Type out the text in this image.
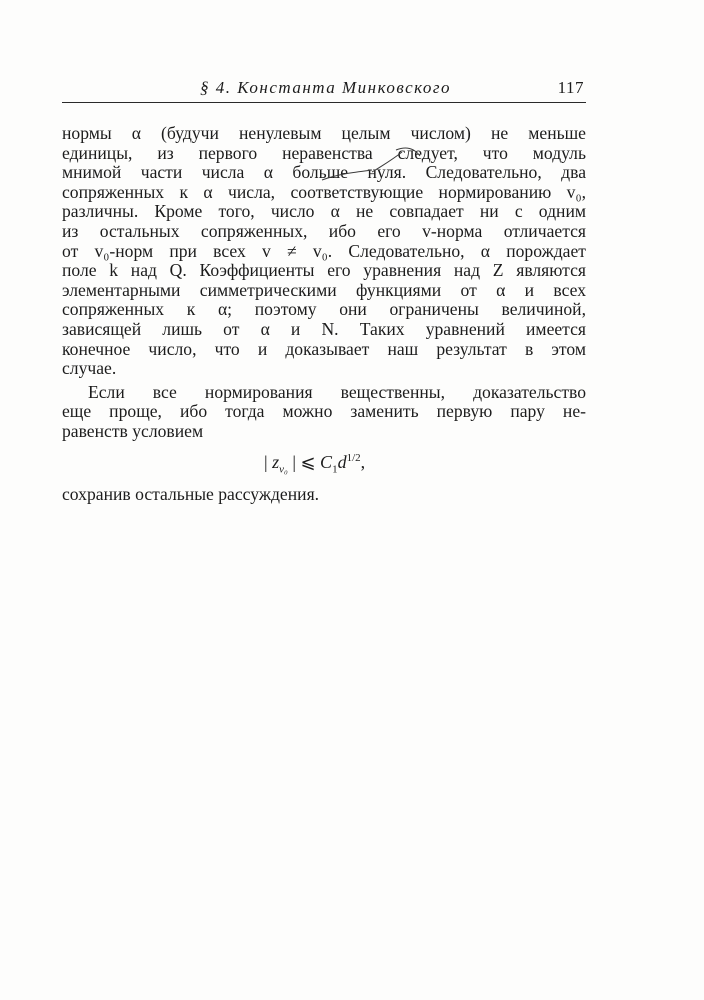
§ 4. Константа Минковского	117

нормы α (будучи ненулевым целым числом) не меньше
единицы, из первого неравенства следует, что модуль
мнимой части числа α больше нуля. Следовательно, два
сопряженных к α числа, соответствующие нормированию v₀,
различны. Кроме того, число α не совпадает ни с одним
из остальных сопряженных, ибо его v-норма отличается
от v₀-норм при всех v ≠ v₀. Следовательно, α порождает
поле k над Q. Коэффициенты его уравнения над Z являются
элементарными симметрическими функциями от α и всех
сопряженных к α; поэтому они ограничены величиной,
зависящей лишь от α и N. Таких уравнений имеется
конечное число, что и доказывает наш результат в этом
случае.

Если все нормирования вещественны, доказательство
еще проще, ибо тогда можно заменить первую пару не-
равенств условием

| $z_{v_0}$ | ⩽ $C_1d^{1/2}$,
сохранив остальные рассуждения.
